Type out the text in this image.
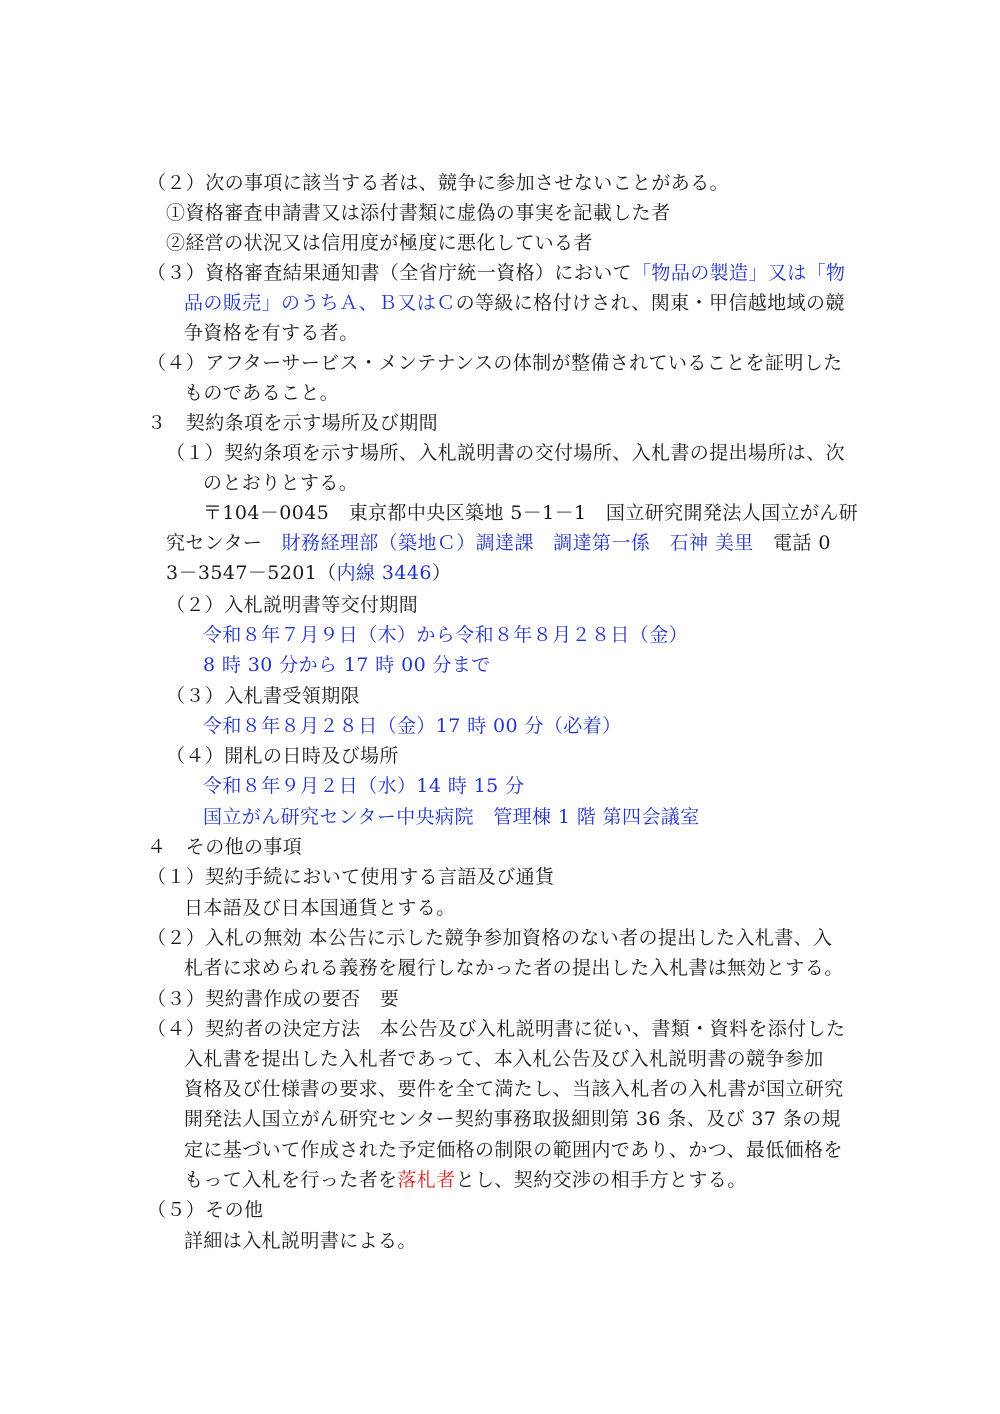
（２）次の事項に該当する者は、競争に参加させないことがある。
①資格審査申請書又は添付書類に虚偽の事実を記載した者
②経営の状況又は信用度が極度に悪化している者
（３）資格審査結果通知書（全省庁統一資格）において「物品の製造」又は「物
品の販売」のうちＡ、Ｂ又はＣの等級に格付けされ、関東・甲信越地域の競
争資格を有する者。
（４）アフターサービス・メンテナンスの体制が整備されていることを証明した
ものであること。
３　契約条項を示す場所及び期間
（１）契約条項を示す場所、入札説明書の交付場所、入札書の提出場所は、次
のとおりとする。
〒104－0045　東京都中央区築地 5－1－1　国立研究開発法人国立がん研
究センター　財務経理部（築地Ｃ）調達課　調達第一係　石神 美里　電話 0
3－3547－5201（内線 3446）
（２）入札説明書等交付期間
令和８年７月９日（木）から令和８年８月２８日（金）
8 時 30 分から 17 時 00 分まで
（３）入札書受領期限
令和８年８月２８日（金）17 時 00 分（必着）
（４）開札の日時及び場所
令和８年９月２日（水）14 時 15 分
国立がん研究センター中央病院　管理棟 1 階 第四会議室
４　その他の事項
（１）契約手続において使用する言語及び通貨
日本語及び日本国通貨とする。
（２）入札の無効 本公告に示した競争参加資格のない者の提出した入札書、入
札者に求められる義務を履行しなかった者の提出した入札書は無効とする。
（３）契約書作成の要否　要
（４）契約者の決定方法　本公告及び入札説明書に従い、書類・資料を添付した
入札書を提出した入札者であって、本入札公告及び入札説明書の競争参加
資格及び仕様書の要求、要件を全て満たし、当該入札者の入札書が国立研究
開発法人国立がん研究センター契約事務取扱細則第 36 条、及び 37 条の規
定に基づいて作成された予定価格の制限の範囲内であり、かつ、最低価格を
もって入札を行った者を落札者とし、契約交渉の相手方とする。
（５）その他
詳細は入札説明書による。
